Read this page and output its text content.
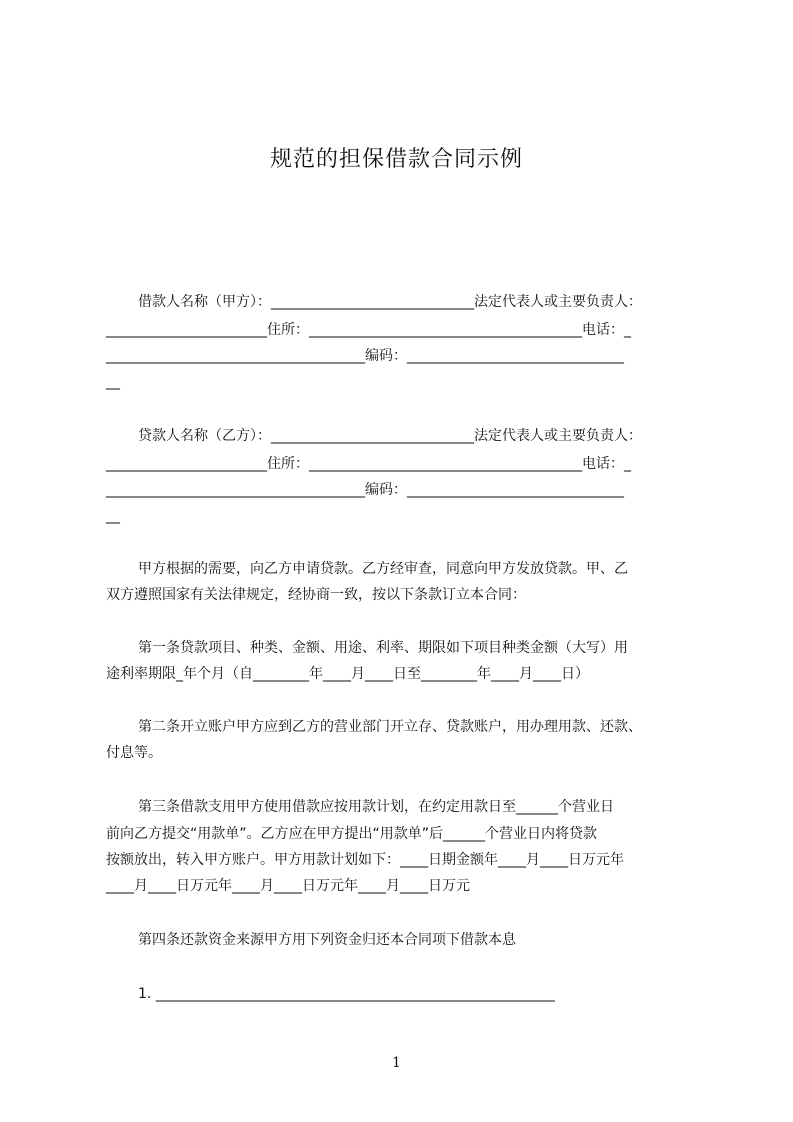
规范的担保借款合同示例
借款人名称（甲方）：_____________________________法定代表人或主要负责人：
_______________________住所：_______________________________________电话：_
_____________________________________编码：_______________________________
__
贷款人名称（乙方）：_____________________________法定代表人或主要负责人：
_______________________住所：_______________________________________电话：_
_____________________________________编码：_______________________________
__
甲方根据的需要，向乙方申请贷款。乙方经审查，同意向甲方发放贷款。甲、乙
双方遵照国家有关法律规定，经协商一致，按以下条款订立本合同：
第一条贷款项目、种类、金额、用途、利率、期限如下项目种类金额（大写）用
途利率期限_年个月（自________年____月____日至________年____月____日）
第二条开立账户甲方应到乙方的营业部门开立存、贷款账户，用办理用款、还款、
付息等。
第三条借款支用甲方使用借款应按用款计划，在约定用款日至______个营业日
前向乙方提交“用款单”。乙方应在甲方提出“用款单”后______个营业日内将贷款
按额放出，转入甲方账户。甲方用款计划如下：____日期金额年____月____日万元年
____月____日万元年____月____日万元年____月____日万元
第四条还款资金来源甲方用下列资金归还本合同项下借款本息
1. _________________________________________________________
1
